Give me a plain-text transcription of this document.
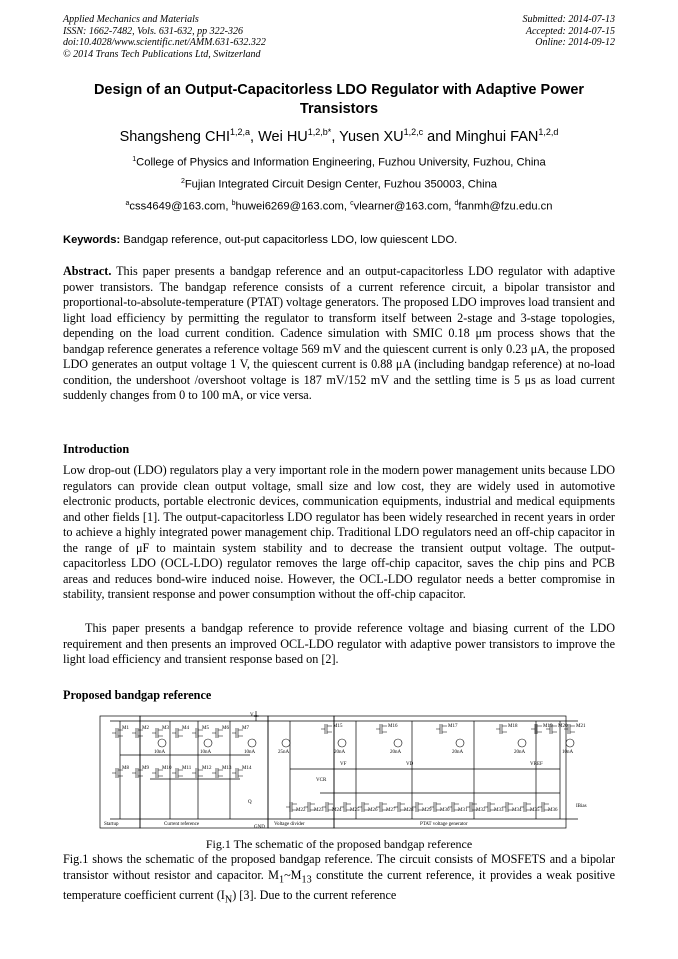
Applied Mechanics and Materials
ISSN: 1662-7482, Vols. 631-632, pp 322-326
doi:10.4028/www.scientific.net/AMM.631-632.322
© 2014 Trans Tech Publications Ltd, Switzerland
Submitted: 2014-07-13
Accepted: 2014-07-15
Online: 2014-09-12
Design of an Output-Capacitorless LDO Regulator with Adaptive Power
Transistors
Shangsheng CHI$^{1,2,a}$, Wei $HU^{1,2,b*}$, Yusen XU$^{1,2,c}$ and Minghui FAN$^{1,2,d}$
$^1$College of Physics and Information Engineering, Fuzhou University, Fuzhou, China
$^2$Fujian Integrated Circuit Design Center, Fuzhou 350003, China
$^a$css4649@163.com, $^b$huwei6269@163.com, $^c$vlearner@163.com, $^d$fanmh@fzu.edu.cn
Keywords: Bandgap reference, out-put capacitorless LDO, low quiescent LDO.
Abstract. This paper presents a bandgap reference and an output-capacitorless LDO regulator with adaptive power transistors. The bandgap reference consists of a current reference circuit, a bipolar transistor and proportional-to-absolute-temperature (PTAT) voltage generators. The proposed LDO improves load transient and light load efficiency by permitting the regulator to transform itself between 2-stage and 3-stage topologies, depending on the load current condition. Cadence simulation with SMIC 0.18 μm process shows that the bandgap reference generates a reference voltage 569 mV and the quiescent current is only 0.23 μA, the proposed LDO generates an output voltage 1 V, the quiescent current is 0.88 μA (including bandgap reference) at no-load condition, the undershoot /overshoot voltage is 187 mV/152 mV and the settling time is 5 μs as load current suddenly changes from 0 to 100 mA, or vice versa.
Introduction
Low drop-out (LDO) regulators play a very important role in the modern power management units because LDO regulators can provide clean output voltage, small size and low cost, they are widely used in automotive electronic products, portable electronic devices, communication equipments, industrial and medical equipments and other fields [1]. The output-capacitorless LDO regulator has been widely researched in recent years in order to achieve a highly integrated power management chip. Traditional LDO regulators need an off-chip capacitor in the range of μF to maintain system stability and to decrease the transient output voltage. The output-capacitorless LDO (OCL-LDO) regulator removes the large off-chip capacitor, saves the chip pins and PCB areas and reduces bond-wire induced noise. However, the OCL-LDO regulator needs a better compromise in stability, transient response and power consumption without the off-chip capacitor.
This paper presents a bandgap reference to provide reference voltage and biasing current of the LDO requirement and then presents an improved OCL-LDO regulator with adaptive power transistors to improve the light load efficiency and transient response based on [2].
Proposed bandgap reference
$V_{DD}$
GND
Startup	Current reference	Voltage divider	PTAT voltage generator
10nA	10nA	10nA	25nA	20nA	20nA	20nA	20nA	10nA
VCR
VF	VD	VREF
IBias
Q
M15	M16	M17	M18	M19 M20 M21
M1	M2	M3	M4	M5	M6	M7
M8	M9	M10 M11 M12 M13 M14
M22 M23 M24 M25 M26 M27 M28 M29 M30 M31 M32 M33 M34 M35 M36
Fig.1 The schematic of the proposed bandgap reference
Fig.1 shows the schematic of the proposed bandgap reference. The circuit consists of MOSFETS and a bipolar transistor without resistor and capacitor. $M_1\sim M_{13}$ constitute the current reference, it provides a weak positive temperature coefficient current $(I_N)$ [3]. Due to the current reference
